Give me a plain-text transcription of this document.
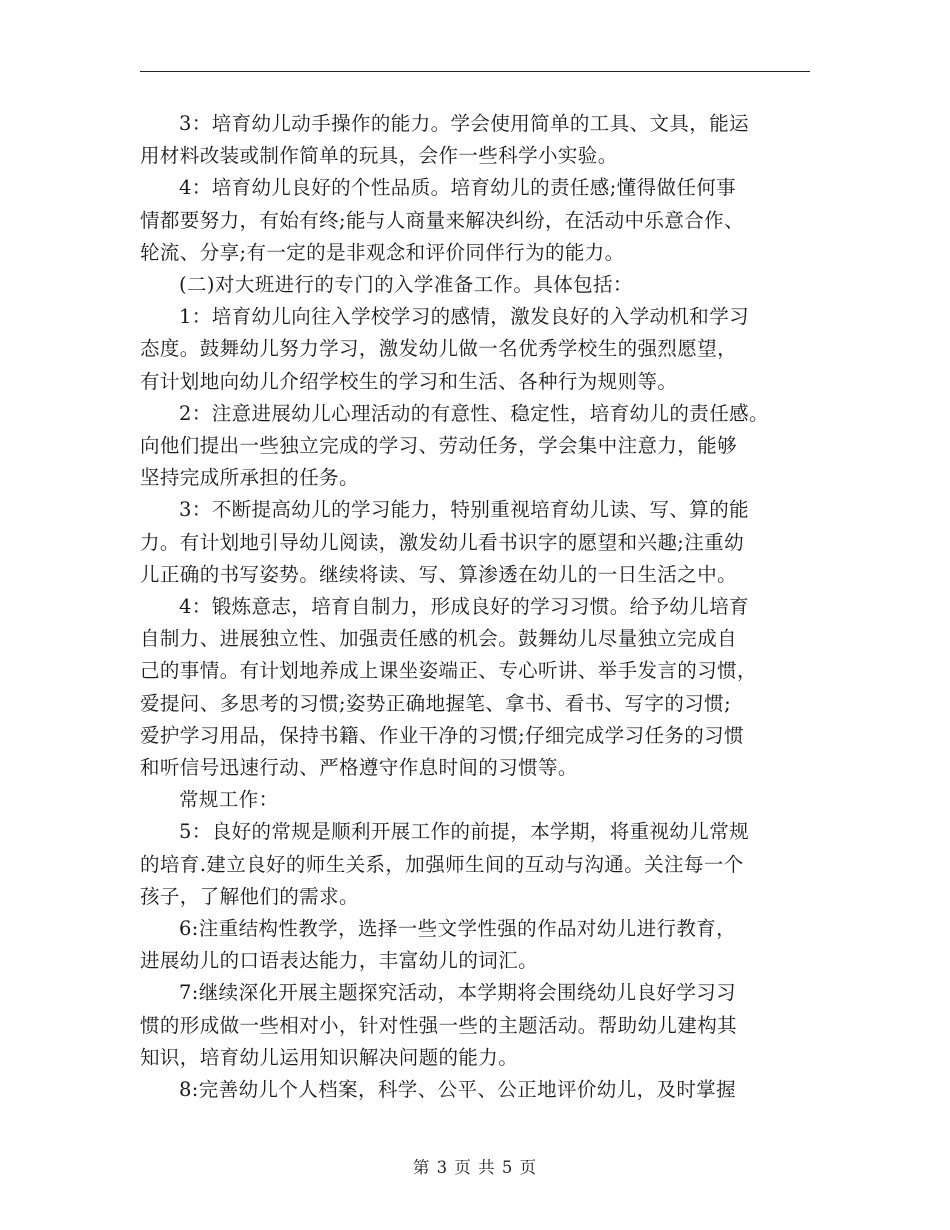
3：培育幼儿动手操作的能力。学会使用简单的工具、文具，能运

用材料改装或制作简单的玩具，会作一些科学小实验。

4：培育幼儿良好的个性品质。培育幼儿的责任感;懂得做任何事

情都要努力，有始有终;能与人商量来解决纠纷，在活动中乐意合作、

轮流、分享;有一定的是非观念和评价同伴行为的能力。

(二)对大班进行的专门的入学准备工作。具体包括：

1：培育幼儿向往入学校学习的感情，激发良好的入学动机和学习

态度。鼓舞幼儿努力学习，激发幼儿做一名优秀学校生的强烈愿望，

有计划地向幼儿介绍学校生的学习和生活、各种行为规则等。

2：注意进展幼儿心理活动的有意性、稳定性，培育幼儿的责任感。

向他们提出一些独立完成的学习、劳动任务，学会集中注意力，能够

坚持完成所承担的任务。

3：不断提高幼儿的学习能力，特别重视培育幼儿读、写、算的能

力。有计划地引导幼儿阅读，激发幼儿看书识字的愿望和兴趣;注重幼

儿正确的书写姿势。继续将读、写、算渗透在幼儿的一日生活之中。

4：锻炼意志，培育自制力，形成良好的学习习惯。给予幼儿培育

自制力、进展独立性、加强责任感的机会。鼓舞幼儿尽量独立完成自

己的事情。有计划地养成上课坐姿端正、专心听讲、举手发言的习惯，

爱提问、多思考的习惯;姿势正确地握笔、拿书、看书、写字的习惯;

爱护学习用品，保持书籍、作业干净的习惯;仔细完成学习任务的习惯

和听信号迅速行动、严格遵守作息时间的习惯等。

常规工作：

5：良好的常规是顺利开展工作的前提，本学期，将重视幼儿常规

的培育.建立良好的师生关系，加强师生间的互动与沟通。关注每一个

孩子，了解他们的需求。

6:注重结构性教学，选择一些文学性强的作品对幼儿进行教育，

进展幼儿的口语表达能力，丰富幼儿的词汇。

7:继续深化开展主题探究活动，本学期将会围绕幼儿良好学习习

惯的形成做一些相对小，针对性强一些的主题活动。帮助幼儿建构其

知识，培育幼儿运用知识解决问题的能力。

8:完善幼儿个人档案，科学、公平、公正地评价幼儿，及时掌握

第 3 页 共 5 页
